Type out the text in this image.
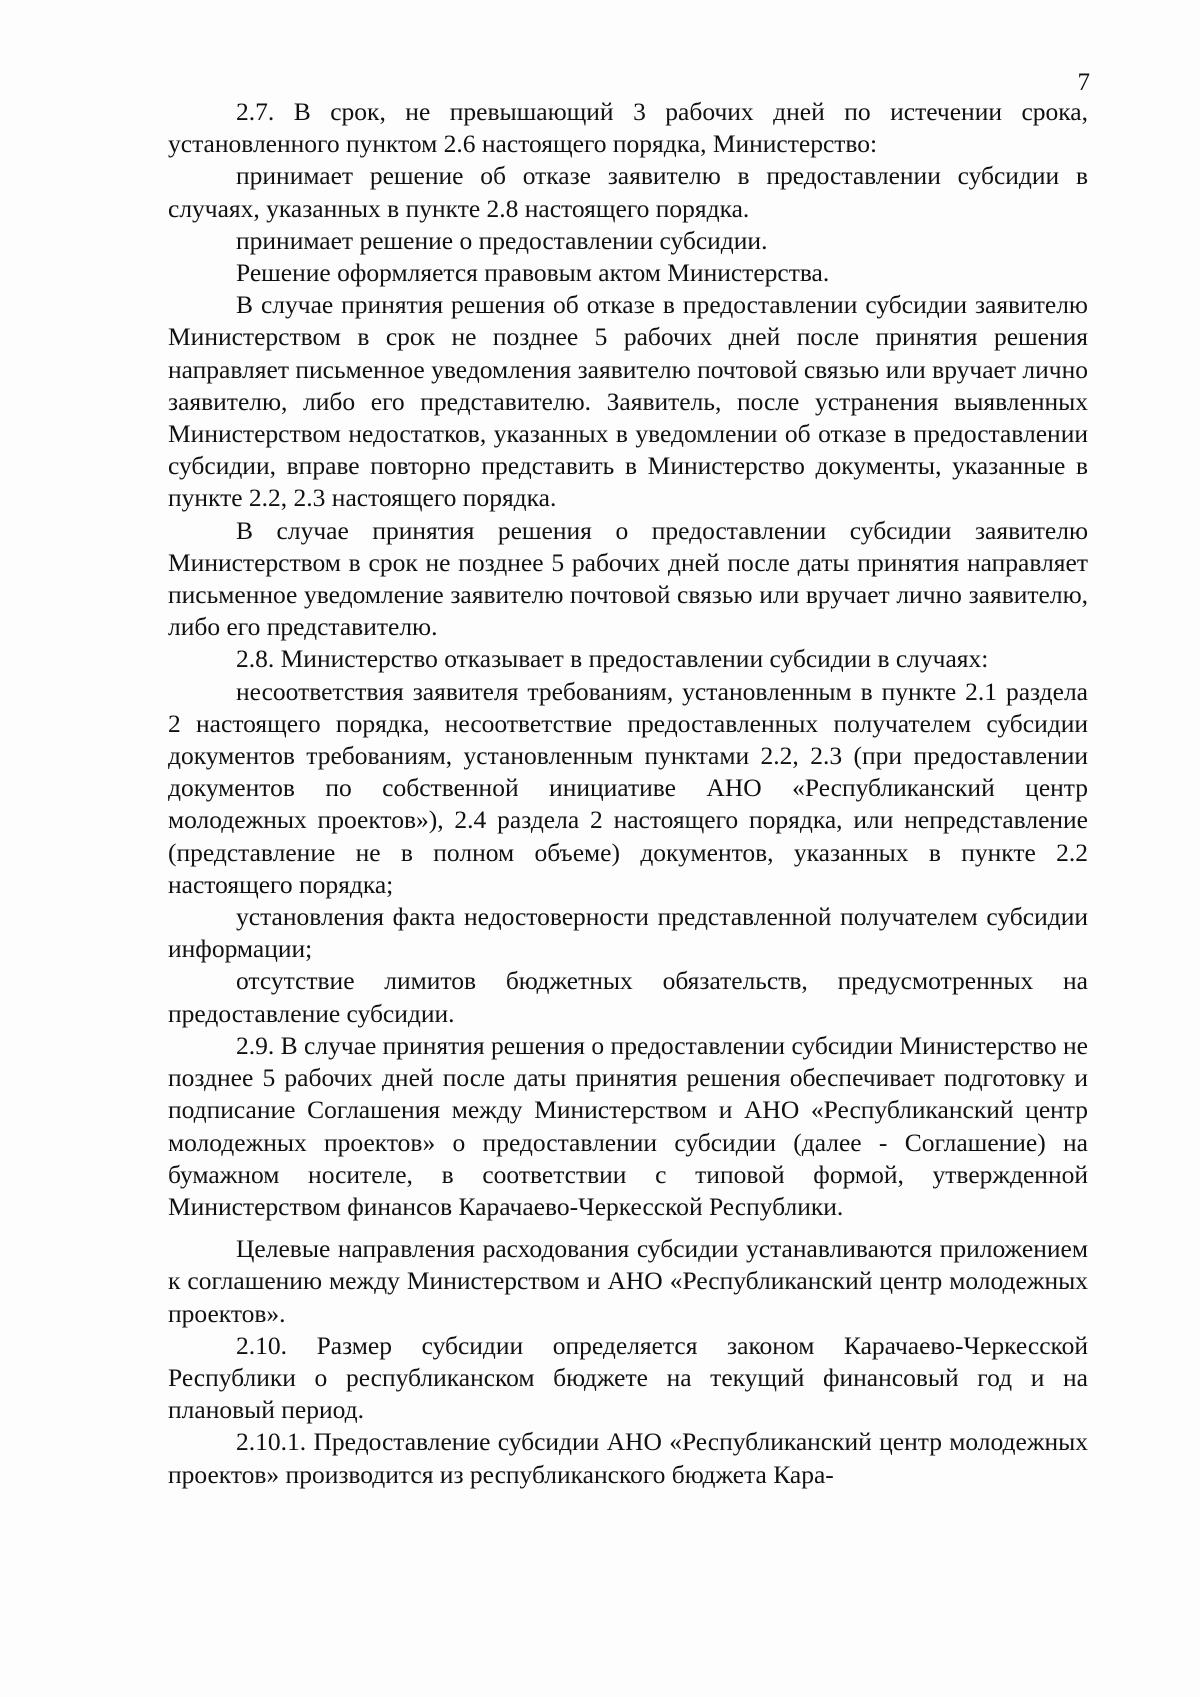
7

2.7. В срок, не превышающий 3 рабочих дней по истечении срока, установленного пунктом 2.6 настоящего порядка, Министерство:

принимает решение об отказе заявителю в предоставлении субсидии в случаях, указанных в пункте 2.8 настоящего порядка.

принимает решение о предоставлении субсидии.

Решение оформляется правовым актом Министерства.

В случае принятия решения об отказе в предоставлении субсидии заявителю Министерством в срок не позднее 5 рабочих дней после принятия решения направляет письменное уведомления заявителю почтовой связью или вручает лично заявителю, либо его представителю. Заявитель, после устранения выявленных Министерством недостатков, указанных в уведомлении об отказе в предоставлении субсидии, вправе повторно представить в Министерство документы, указанные в пункте 2.2, 2.3 настоящего порядка.

В случае принятия решения о предоставлении субсидии заявителю Министерством в срок не позднее 5 рабочих дней после даты принятия направляет письменное уведомление заявителю почтовой связью или вручает лично заявителю, либо его представителю.

2.8. Министерство отказывает в предоставлении субсидии в случаях:

несоответствия заявителя требованиям, установленным в пункте 2.1 раздела 2 настоящего порядка, несоответствие предоставленных получателем субсидии документов требованиям, установленным пунктами 2.2, 2.3 (при предоставлении документов по собственной инициативе АНО «Республиканский центр молодежных проектов»), 2.4 раздела 2 настоящего порядка, или непредставление (представление не в полном объеме) документов, указанных в пункте 2.2 настоящего порядка;

установления факта недостоверности представленной получателем субсидии информации;

отсутствие лимитов бюджетных обязательств, предусмотренных на предоставление субсидии.

2.9. В случае принятия решения о предоставлении субсидии Министерство не позднее 5 рабочих дней после даты принятия решения обеспечивает подготовку и подписание Соглашения между Министерством и АНО «Республиканский центр молодежных проектов» о предоставлении субсидии (далее - Соглашение) на бумажном носителе, в соответствии с типовой формой, утвержденной Министерством финансов Карачаево-Черкесской Республики.

Целевые направления расходования субсидии устанавливаются приложением к соглашению между Министерством и АНО «Республиканский центр молодежных проектов».

2.10. Размер субсидии определяется законом Карачаево-Черкесской Республики о республиканском бюджете на текущий финансовый год и на плановый период.

2.10.1. Предоставление субсидии АНО «Республиканский центр молодежных проектов» производится из республиканского бюджета Кара-
